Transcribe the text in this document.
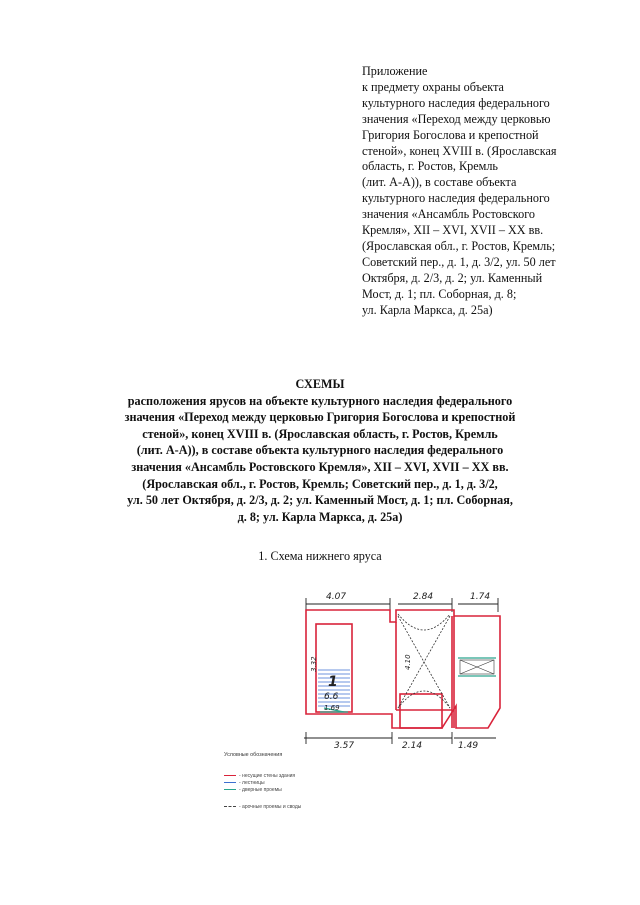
Приложение
к предмету охраны объекта
культурного наследия федерального
значения «Переход между церковью
Григория Богослова и крепостной
стеной», конец XVIII в. (Ярославская
область, г. Ростов, Кремль
(лит. А-А)), в составе объекта
культурного наследия федерального
значения «Ансамбль Ростовского
Кремля», XII – XVI, XVII – XX вв.
(Ярославская обл., г. Ростов, Кремль;
Советский пер., д. 1, д. 3/2, ул. 50 лет
Октября, д. 2/3, д. 2; ул. Каменный
Мост, д. 1; пл. Соборная, д. 8;
ул. Карла Маркса, д. 25а)
СХЕМЫ
расположения ярусов на объекте культурного наследия федерального
значения «Переход между церковью Григория Богослова и крепостной
стеной», конец XVIII в. (Ярославская область, г. Ростов, Кремль
(лит. А-А)), в составе объекта культурного наследия федерального
значения «Ансамбль Ростовского Кремля», XII – XVI, XVII – XX вв.
(Ярославская обл., г. Ростов, Кремль; Советский пер., д. 1, д. 3/2,
ул. 50 лет Октября, д. 2/3, д. 2; ул. Каменный Мост, д. 1; пл. Соборная,
д. 8; ул. Карла Маркса, д. 25а)
1. Схема нижнего яруса
4.07	2.84	1.74
3.57	2.14	1.49
3.32	4.10
1
6.6
1.69
Условные обозначения
- несущие стены здания
- лестницы
- дверные проемы
- арочные проемы и своды
